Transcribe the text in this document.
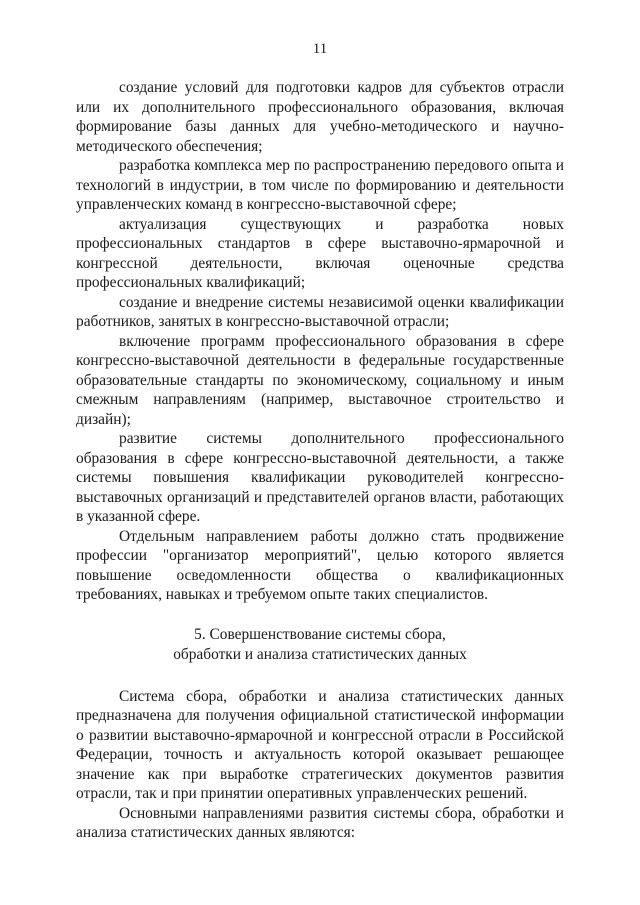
11

создание условий для подготовки кадров для субъектов отрасли или их дополнительного профессионального образования, включая формирование базы данных для учебно-методического и научно-методического обеспечения;

разработка комплекса мер по распространению передового опыта и технологий в индустрии, в том числе по формированию и деятельности управленческих команд в конгрессно-выставочной сфере;

актуализация существующих и разработка новых профессиональных стандартов в сфере выставочно-ярмарочной и конгрессной деятельности, включая оценочные средства профессиональных квалификаций;

создание и внедрение системы независимой оценки квалификации работников, занятых в конгрессно-выставочной отрасли;

включение программ профессионального образования в сфере конгрессно-выставочной деятельности в федеральные государственные образовательные стандарты по экономическому, социальному и иным смежным направлениям (например, выставочное строительство и дизайн);

развитие системы дополнительного профессионального образования в сфере конгрессно-выставочной деятельности, а также системы повышения квалификации руководителей конгрессно-выставочных организаций и представителей органов власти, работающих в указанной сфере.

Отдельным направлением работы должно стать продвижение профессии "организатор мероприятий", целью которого является повышение осведомленности общества о квалификационных требованиях, навыках и требуемом опыте таких специалистов.

5. Совершенствование системы сбора,
обработки и анализа статистических данных

Система сбора, обработки и анализа статистических данных предназначена для получения официальной статистической информации о развитии выставочно-ярмарочной и конгрессной отрасли в Российской Федерации, точность и актуальность которой оказывает решающее значение как при выработке стратегических документов развития отрасли, так и при принятии оперативных управленческих решений.

Основными направлениями развития системы сбора, обработки и анализа статистических данных являются:
